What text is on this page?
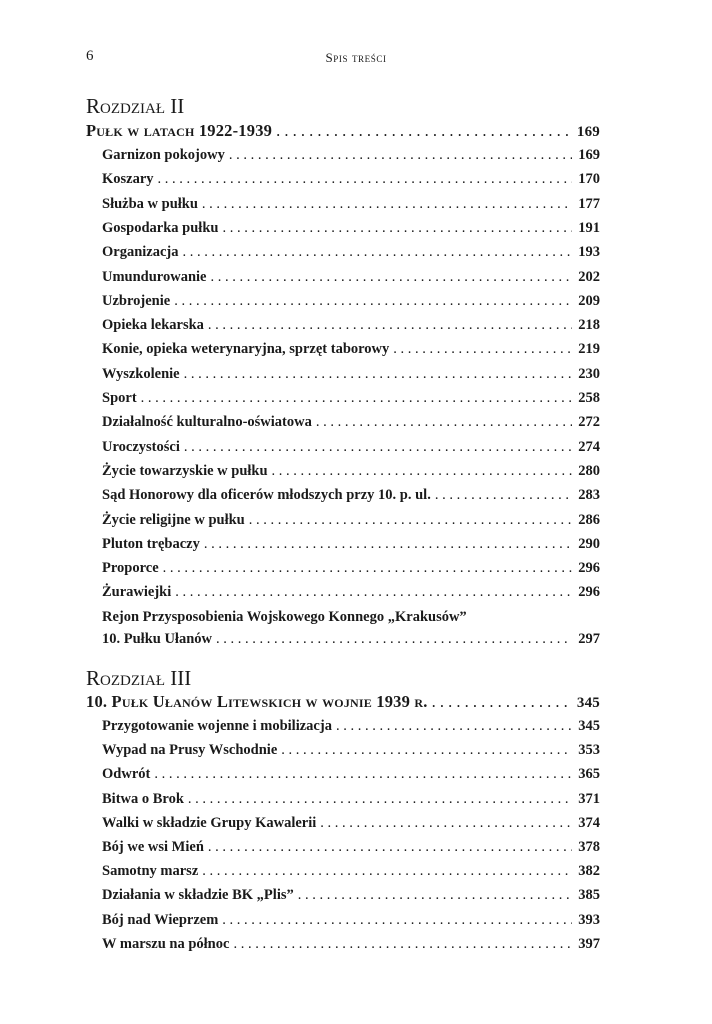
6	Spis treści
Rozdział II
Pułk w latach 1922-1939 . . .	169
Garnizon pokojowy . . .	169
Koszary . . .	170
Służba w pułku . . .	177
Gospodarka pułku . . .	191
Organizacja . . .	193
Umundurowanie . . .	202
Uzbrojenie . . .	209
Opieka lekarska . . .	218
Konie, opieka weterynaryjna, sprzęt taborowy . . .	219
Wyszkolenie . . .	230
Sport . . .	258
Działalność kulturalno-oświatowa . . .	272
Uroczystości . . .	274
Życie towarzyskie w pułku . . .	280
Sąd Honorowy dla oficerów młodszych przy 10. p. ul. . . .	283
Życie religijne w pułku . . .	286
Pluton trębaczy . . .	290
Proporce . . .	296
Żurawiejki . . .	296
Rejon Przysposobienia Wojskowego Konnego „Krakusów”
10. Pułku Ułanów . . .	297
Rozdział III
10. Pułk Ułanów Litewskich w wojnie 1939 r. . . .	345
Przygotowanie wojenne i mobilizacja . . .	345
Wypad na Prusy Wschodnie . . .	353
Odwrót . . .	365
Bitwa o Brok . . .	371
Walki w składzie Grupy Kawalerii . . .	374
Bój we wsi Mień . . .	378
Samotny marsz . . .	382
Działania w składzie BK „Plis” . . .	385
Bój nad Wieprzem . . .	393
W marszu na północ . . .	397
